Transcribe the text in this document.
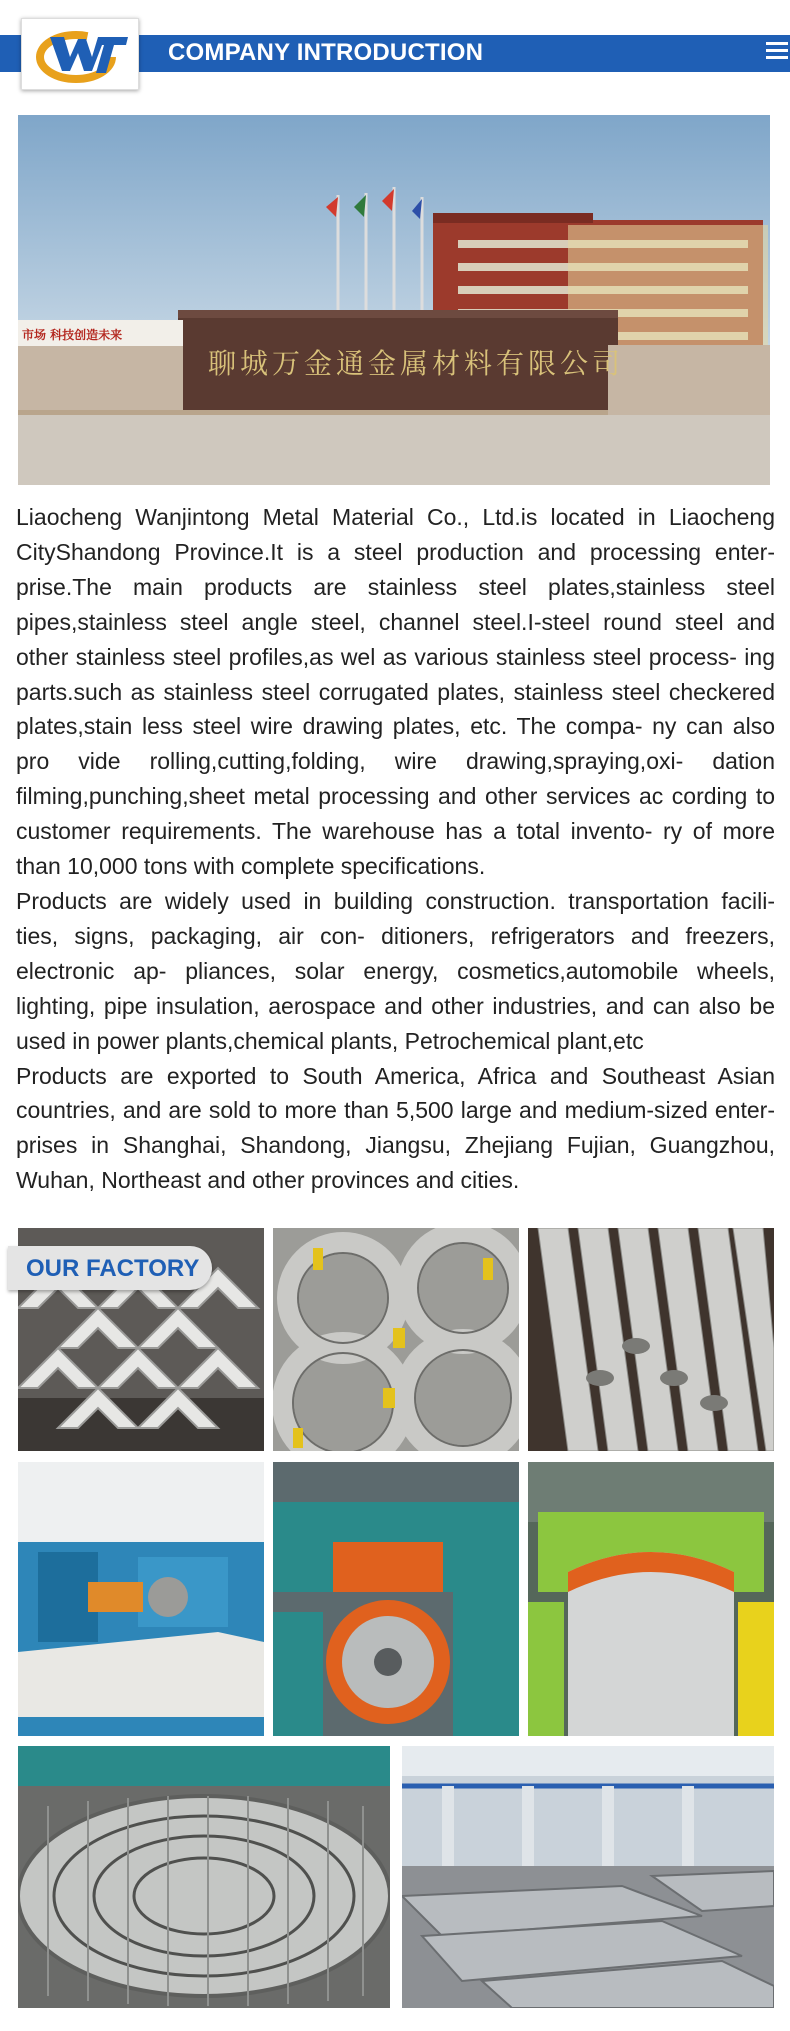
COMPANY INTRODUCTION
聊城万金通金属材料有限公司
市场 科技创造未来

Liaocheng Wanjintong Metal Material Co., Ltd.is located in Liaocheng CityShandong Province.It is a steel production and processing enter- prise.The main products are stainless steel plates,stainless steel pipes,stainless steel angle steel, channel steel.I-steel round steel and other stainless steel profiles,as wel as various stainless steel process- ing parts.such as stainless steel corrugated plates, stainless steel checkered plates,stain less steel wire drawing plates, etc. The compa- ny can also pro vide rolling,cutting,folding, wire drawing,spraying,oxi- dation filming,punching,sheet metal processing and other services ac cording to customer requirements. The warehouse has a total invento- ry of more than 10,000 tons with complete specifications.

Products are widely used in building construction. transportation facili- ties, signs, packaging, air con- ditioners, refrigerators and freezers, electronic ap- pliances, solar energy, cosmetics,automobile wheels, lighting, pipe insulation, aerospace and other industries, and can also be used in power plants,chemical plants, Petrochemical plant,etc

Products are exported to South America, Africa and Southeast Asian countries, and are sold to more than 5,500 large and medium-sized enter- prises in Shanghai, Shandong, Jiangsu, Zhejiang Fujian, Guangzhou, Wuhan, Northeast and other provinces and cities.

OUR FACTORY
